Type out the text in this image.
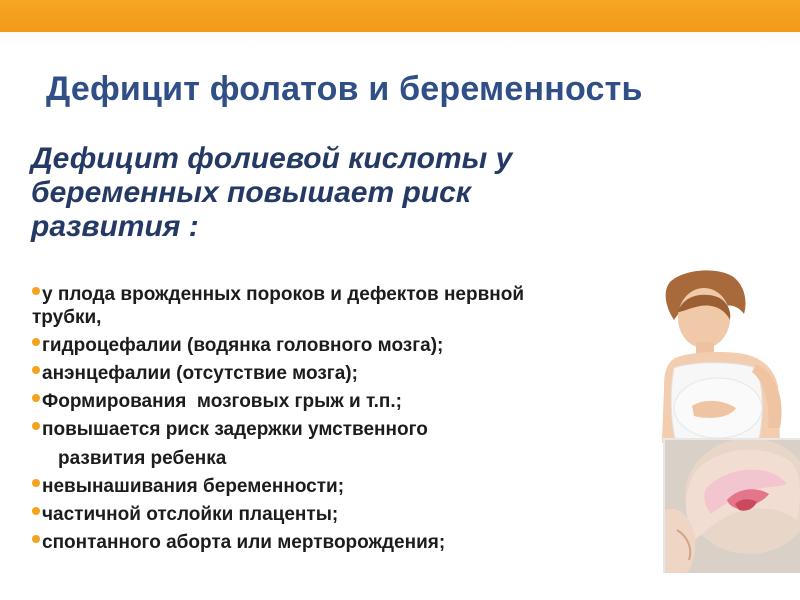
Дефицит фолатов и беременность
Дефицит фолиевой кислоты у
беременных повышает риск
развития :
у плода врожденных пороков и дефектов нервной
трубки,
гидроцефалии (водянка головного мозга);
анэнцефалии (отсутствие мозга);
Формирования  мозговых грыж и т.п.;
повышается риск задержки умственного
развития ребенка
невынашивания беременности;
частичной отслойки плаценты;
спонтанного аборта или мертворождения;
